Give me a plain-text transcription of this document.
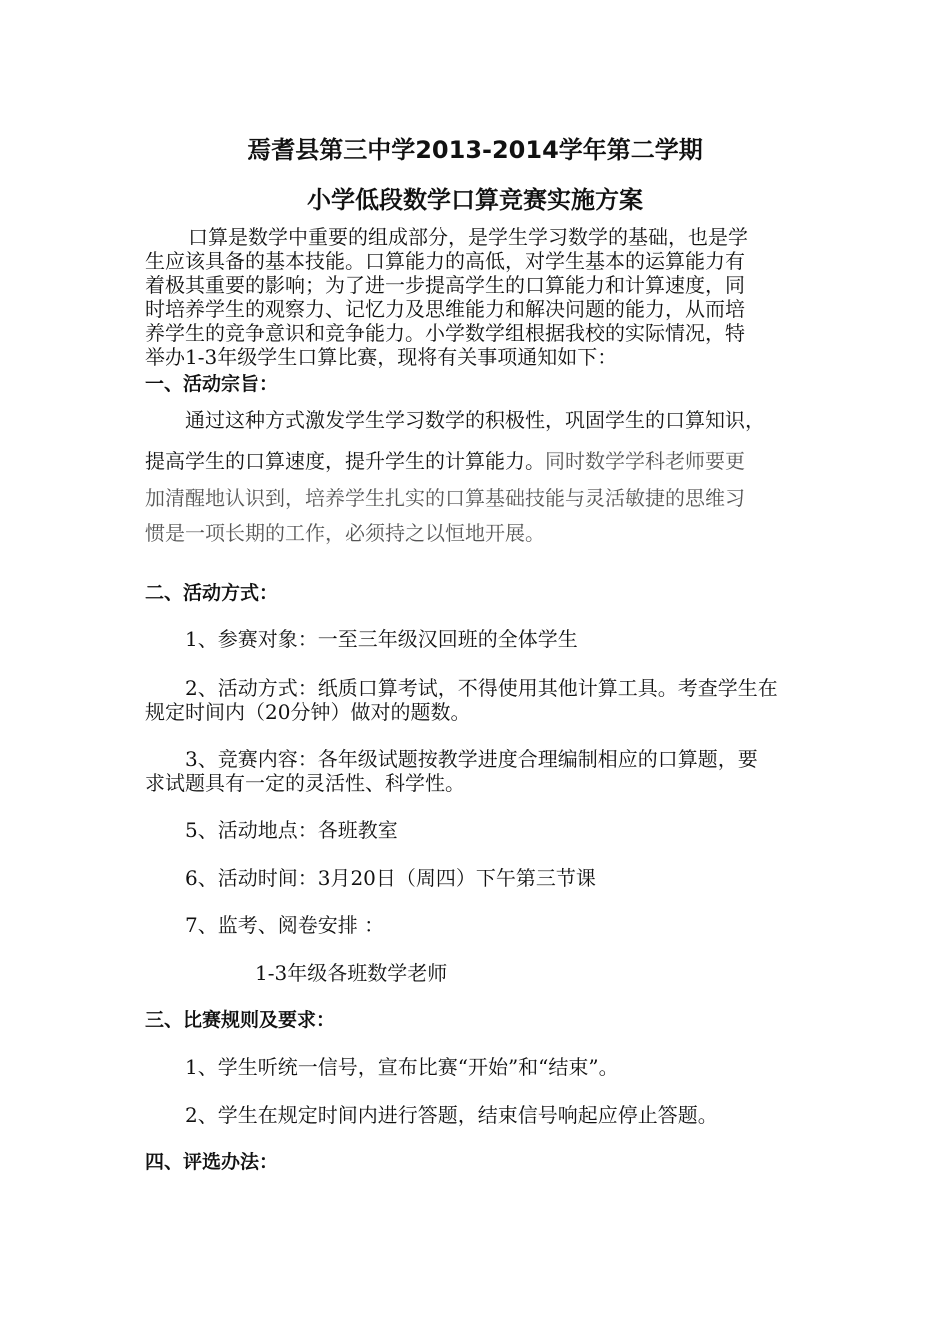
焉耆县第三中学2013-2014学年第二学期
小学低段数学口算竞赛实施方案
口算是数学中重要的组成部分，是学生学习数学的基础，也是学
生应该具备的基本技能。口算能力的高低，对学生基本的运算能力有
着极其重要的影响；为了进一步提高学生的口算能力和计算速度，同
时培养学生的观察力、记忆力及思维能力和解决问题的能力，从而培
养学生的竞争意识和竞争能力。小学数学组根据我校的实际情况，特
举办1-3年级学生口算比赛，现将有关事项通知如下：
一、活动宗旨：
通过这种方式激发学生学习数学的积极性，巩固学生的口算知识，
提高学生的口算速度，提升学生的计算能力。同时数学学科老师要更
加清醒地认识到，培养学生扎实的口算基础技能与灵活敏捷的思维习
惯是一项长期的工作，必须持之以恒地开展。
二、活动方式：
1、参赛对象：一至三年级汉回班的全体学生
2、活动方式：纸质口算考试，不得使用其他计算工具。考查学生在
规定时间内（20分钟）做对的题数。
3、竞赛内容：各年级试题按教学进度合理编制相应的口算题，要
求试题具有一定的灵活性、科学性。
5、活动地点：各班教室
6、活动时间：3月20日（周四）下午第三节课
7、监考、阅卷安排 ：
1-3年级各班数学老师
三、比赛规则及要求：
1、学生听统一信号，宣布比赛“开始”和“结束”。
2、学生在规定时间内进行答题，结束信号响起应停止答题。
四、评选办法：
